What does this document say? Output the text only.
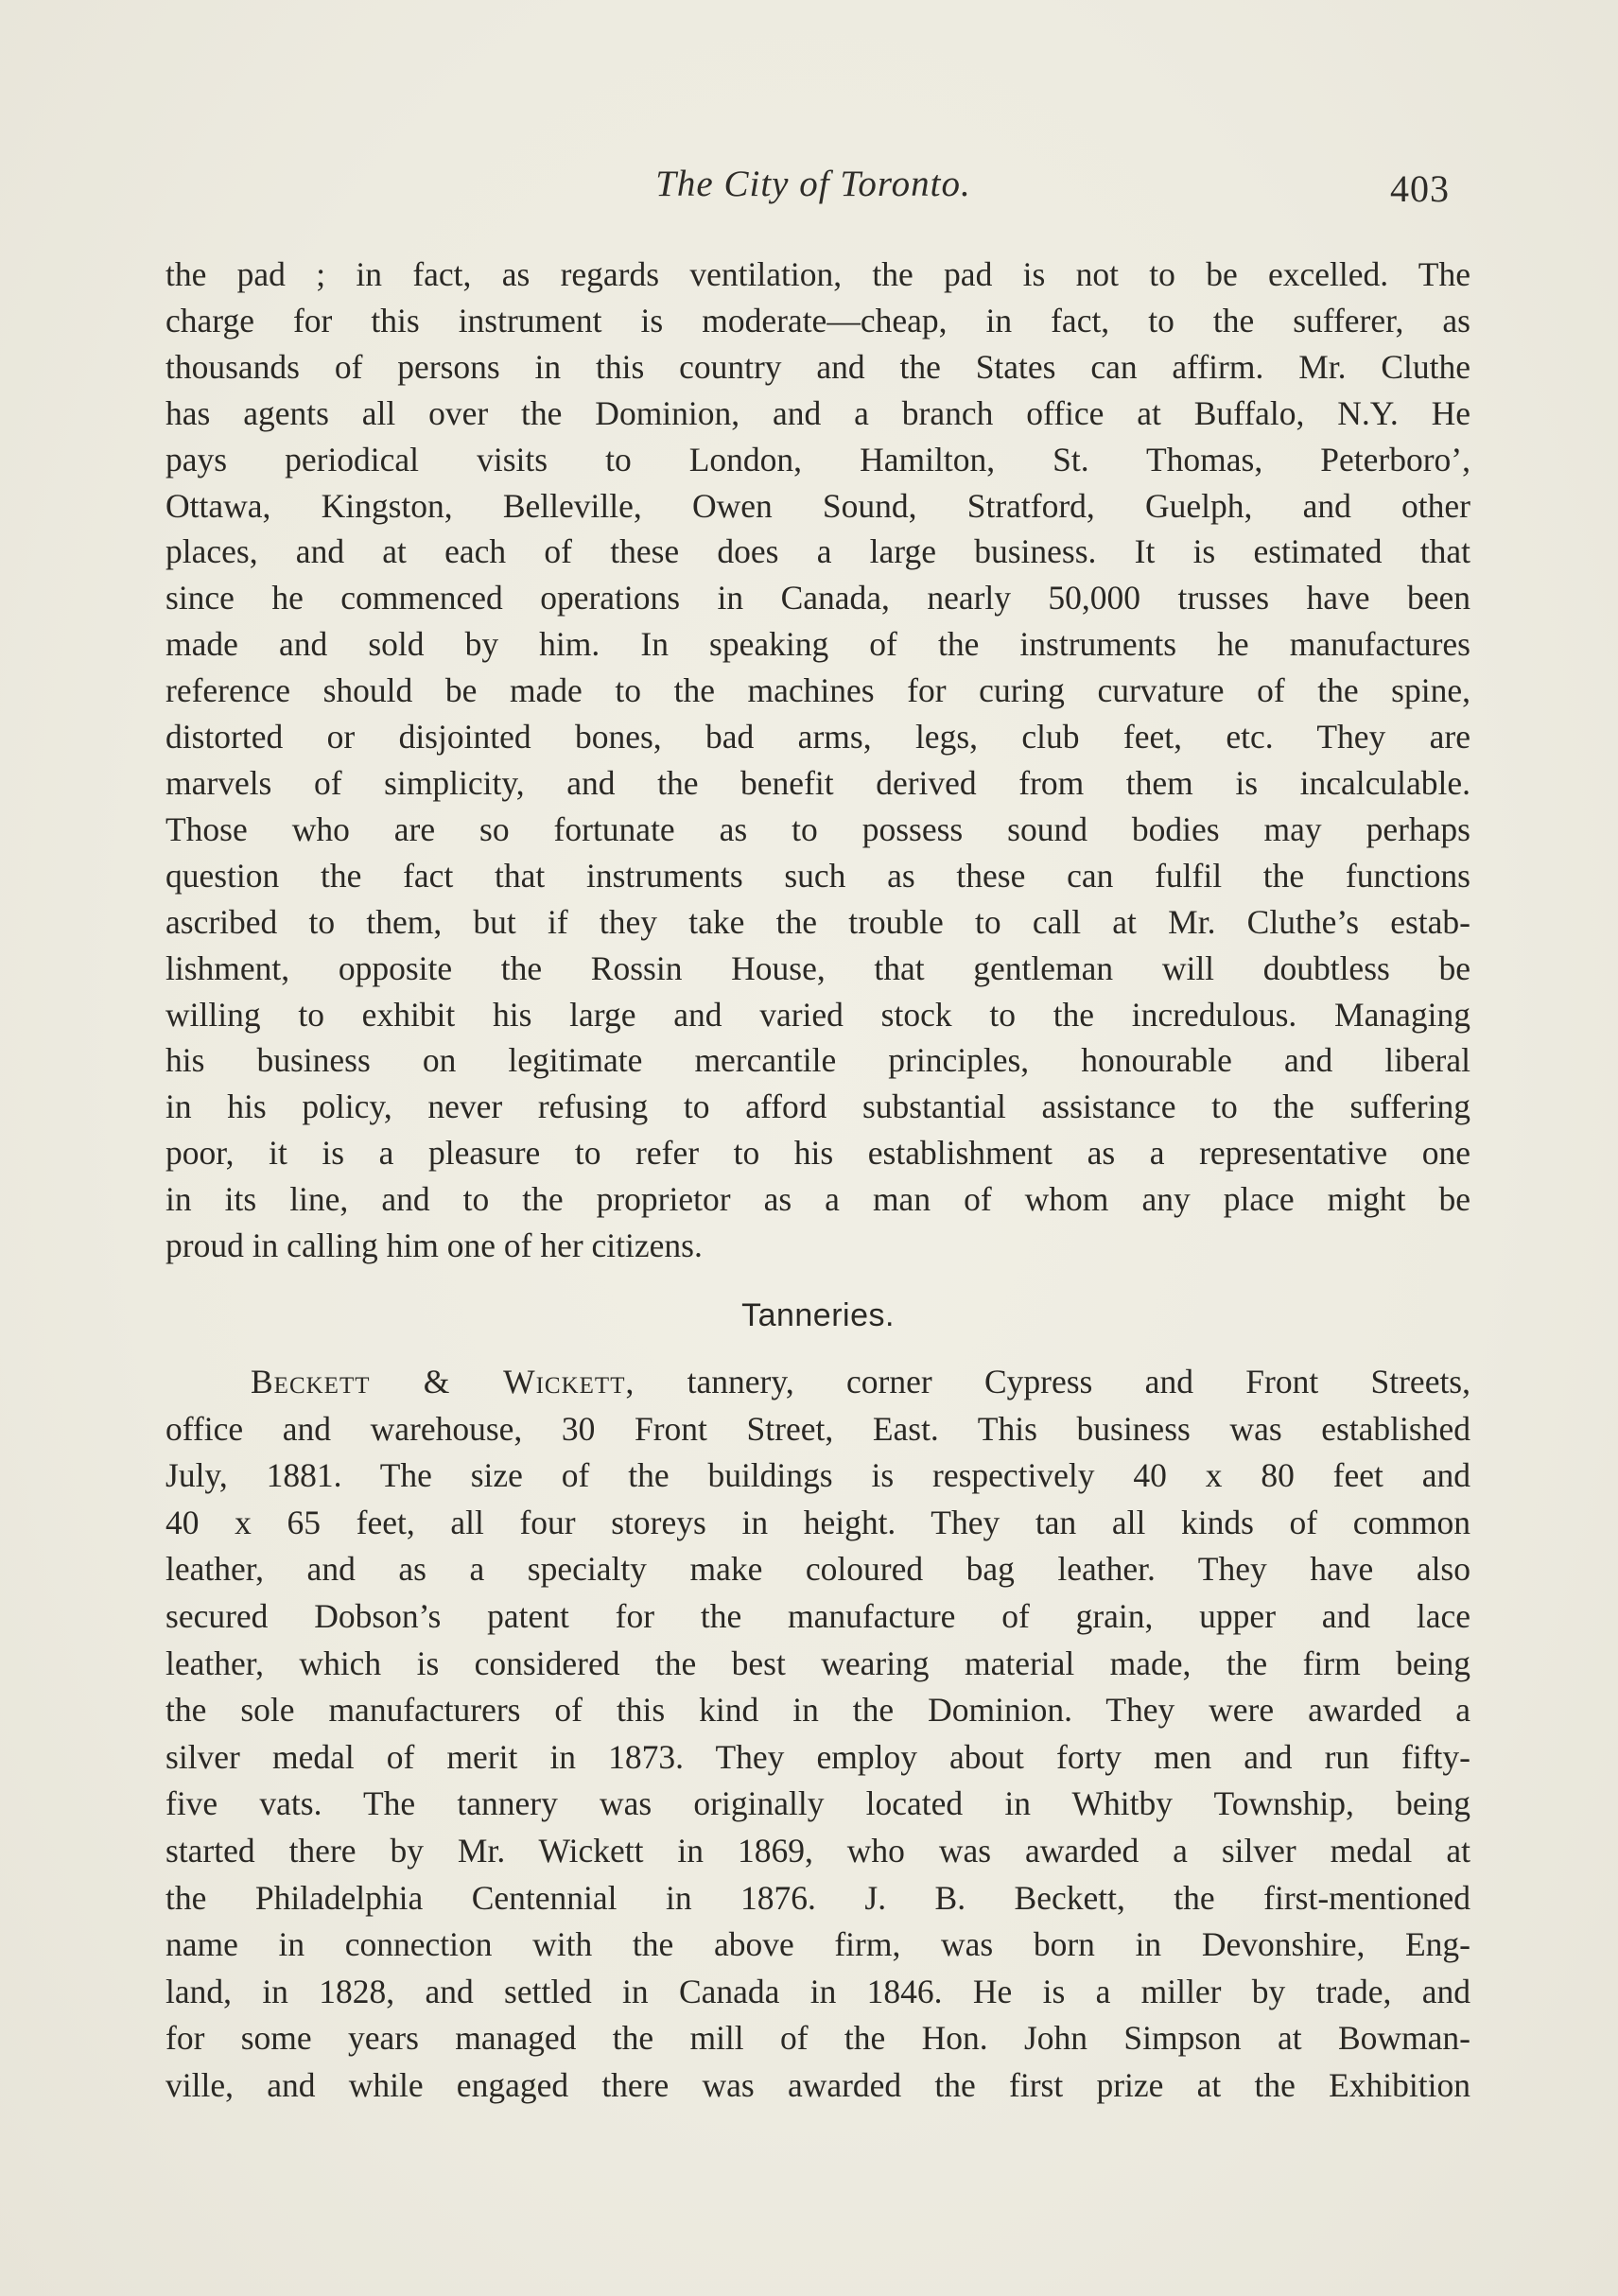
The City of Toronto.	403
the pad ; in fact, as regards ventilation, the pad is not to be excelled. The
charge for this instrument is moderate—cheap, in fact, to the sufferer, as
thousands of persons in this country and the States can affirm. Mr. Cluthe
has agents all over the Dominion, and a branch office at Buffalo, N.Y. He
pays periodical visits to London, Hamilton, St. Thomas, Peterboro’,
Ottawa, Kingston, Belleville, Owen Sound, Stratford, Guelph, and other
places, and at each of these does a large business. It is estimated that
since he commenced operations in Canada, nearly 50,000 trusses have been
made and sold by him. In speaking of the instruments he manufactures
reference should be made to the machines for curing curvature of the spine,
distorted or disjointed bones, bad arms, legs, club feet, etc. They are
marvels of simplicity, and the benefit derived from them is incalculable.
Those who are so fortunate as to possess sound bodies may perhaps
question the fact that instruments such as these can fulfil the functions
ascribed to them, but if they take the trouble to call at Mr. Cluthe’s estab-
lishment, opposite the Rossin House, that gentleman will doubtless be
willing to exhibit his large and varied stock to the incredulous. Managing
his business on legitimate mercantile principles, honourable and liberal
in his policy, never refusing to afford substantial assistance to the suffering
poor, it is a pleasure to refer to his establishment as a representative one
in its line, and to the proprietor as a man of whom any place might be
proud in calling him one of her citizens.
Tanneries.
Beckett & Wickett, tannery, corner Cypress and Front Streets,
office and warehouse, 30 Front Street, East. This business was established
July, 1881. The size of the buildings is respectively 40 x 80 feet and
40 x 65 feet, all four storeys in height. They tan all kinds of common
leather, and as a specialty make coloured bag leather. They have also
secured Dobson’s patent for the manufacture of grain, upper and lace
leather, which is considered the best wearing material made, the firm being
the sole manufacturers of this kind in the Dominion. They were awarded a
silver medal of merit in 1873. They employ about forty men and run fifty-
five vats. The tannery was originally located in Whitby Township, being
started there by Mr. Wickett in 1869, who was awarded a silver medal at
the Philadelphia Centennial in 1876. J. B. Beckett, the first-mentioned
name in connection with the above firm, was born in Devonshire, Eng-
land, in 1828, and settled in Canada in 1846. He is a miller by trade, and
for some years managed the mill of the Hon. John Simpson at Bowman-
ville, and while engaged there was awarded the first prize at the Exhibition
